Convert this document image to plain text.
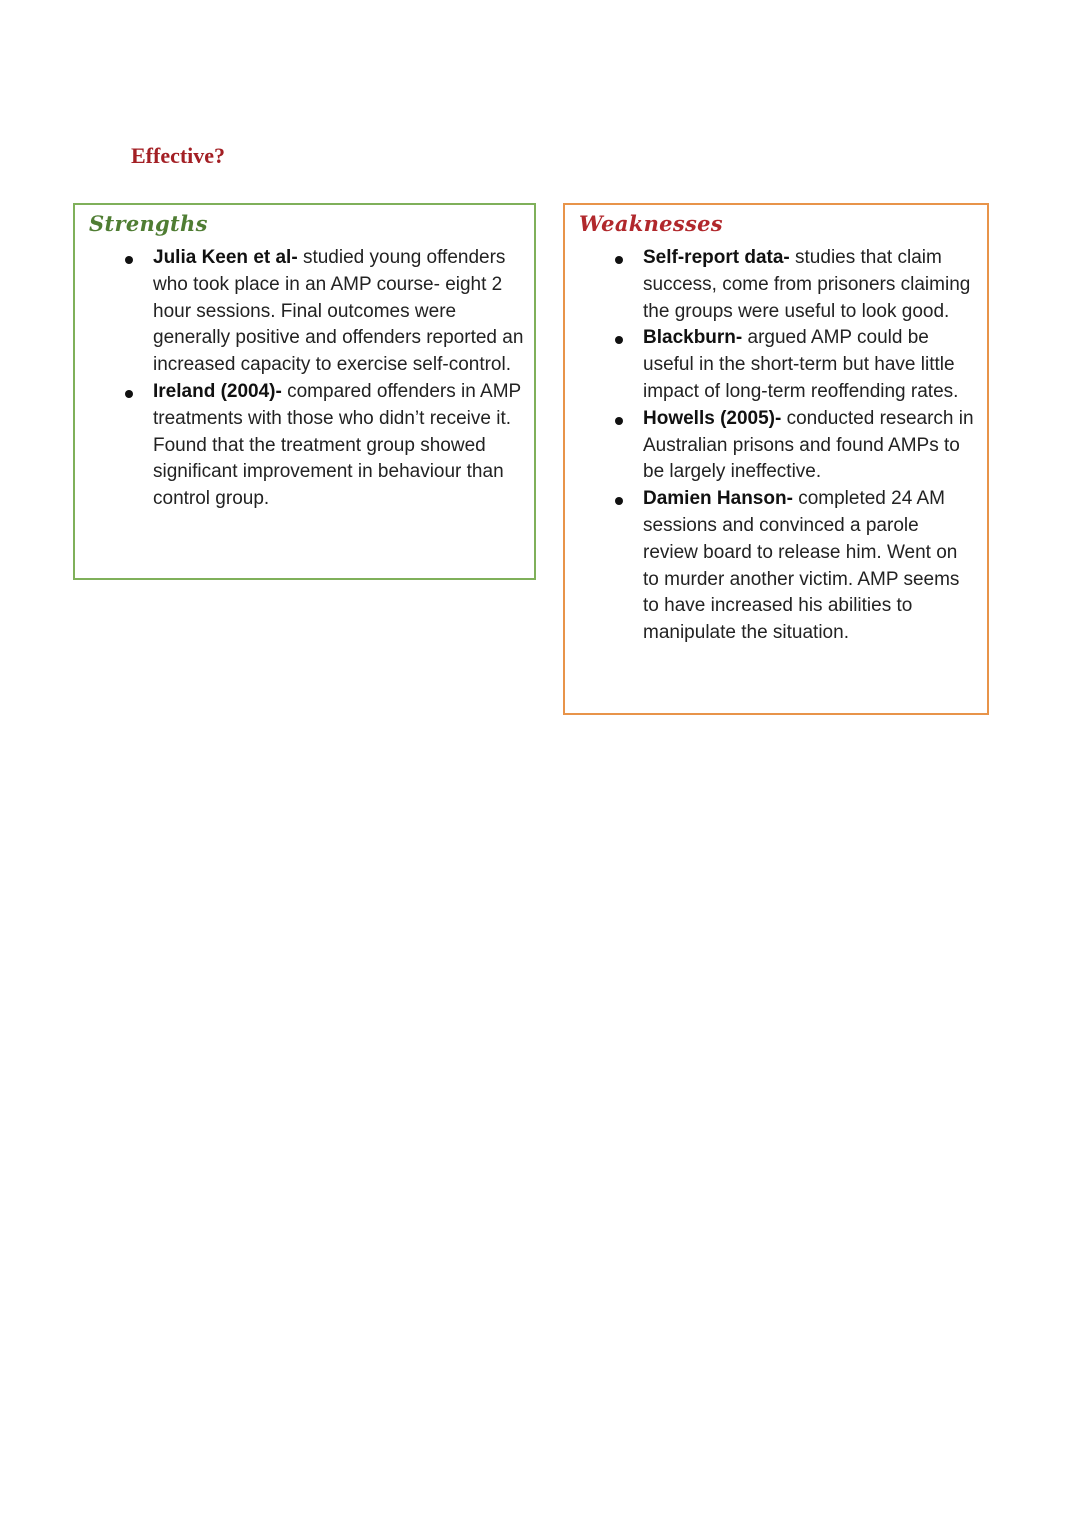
Effective?
Strengths
Julia Keen et al- studied young offenders who took place in an AMP course- eight 2 hour sessions. Final outcomes were generally positive and offenders reported an increased capacity to exercise self-control.
Ireland (2004)- compared offenders in AMP treatments with those who didn’t receive it. Found that the treatment group showed significant improvement in behaviour than control group.
Weaknesses
Self-report data- studies that claim success, come from prisoners claiming the groups were useful to look good.
Blackburn- argued AMP could be useful in the short-term but have little impact of long-term reoffending rates.
Howells (2005)- conducted research in Australian prisons and found AMPs to be largely ineffective.
Damien Hanson- completed 24 AM sessions and convinced a parole review board to release him. Went on to murder another victim. AMP seems to have increased his abilities to manipulate the situation.
